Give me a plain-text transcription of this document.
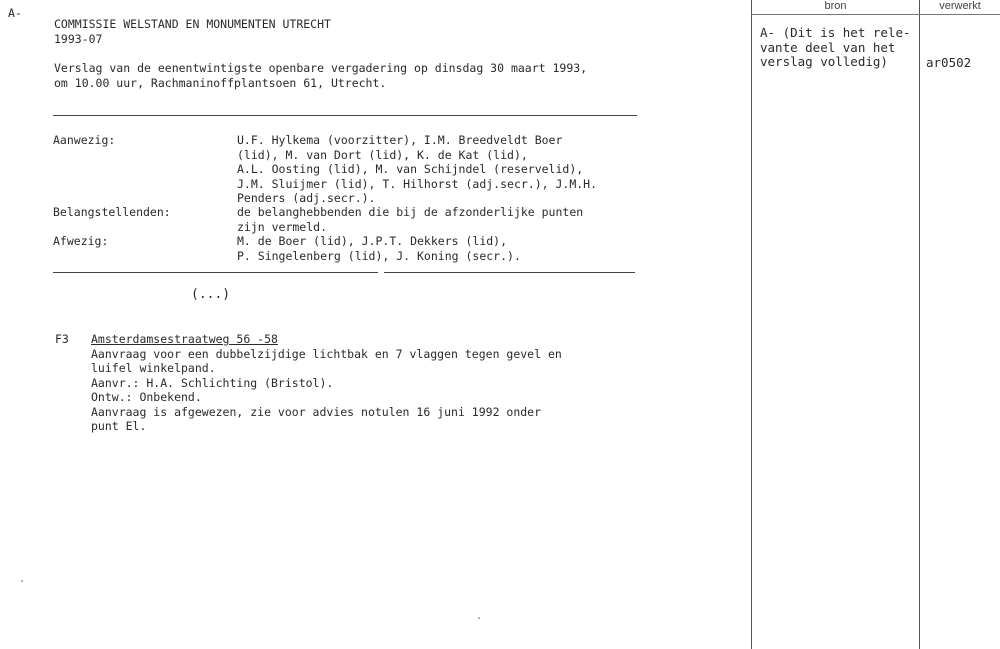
A-
COMMISSIE WELSTAND EN MONUMENTEN UTRECHT
1993-07
Verslag van de eenentwintigste openbare vergadering op dinsdag 30 maart 1993,
om 10.00 uur, Rachmaninoffplantsoen 61, Utrecht.
Aanwezig:	U.F. Hylkema (voorzitter), I.M. Breedveldt Boer
(lid), M. van Dort (lid), K. de Kat (lid),
A.L. Oosting (lid), M. van Schijndel (reservelid),
J.M. Sluijmer (lid), T. Hilhorst (adj.secr.), J.M.H.
Penders (adj.secr.).
Belangstellenden:	de belanghebbenden die bij de afzonderlijke punten
zijn vermeld.
Afwezig:	M. de Boer (lid), J.P.T. Dekkers (lid),
P. Singelenberg (lid), J. Koning (secr.).
(...)
F3 Amsterdamsestraatweg 56 -58
Aanvraag voor een dubbelzijdige lichtbak en 7 vlaggen tegen gevel en
luifel winkelpand.
Aanvr.: H.A. Schlichting (Bristol).
Ontw.: Onbekend.
Aanvraag is afgewezen, zie voor advies notulen 16 juni 1992 onder
punt El.
bron	verwerkt
A- (Dit is het rele-
vante deel van het
verslag volledig)	ar0502
